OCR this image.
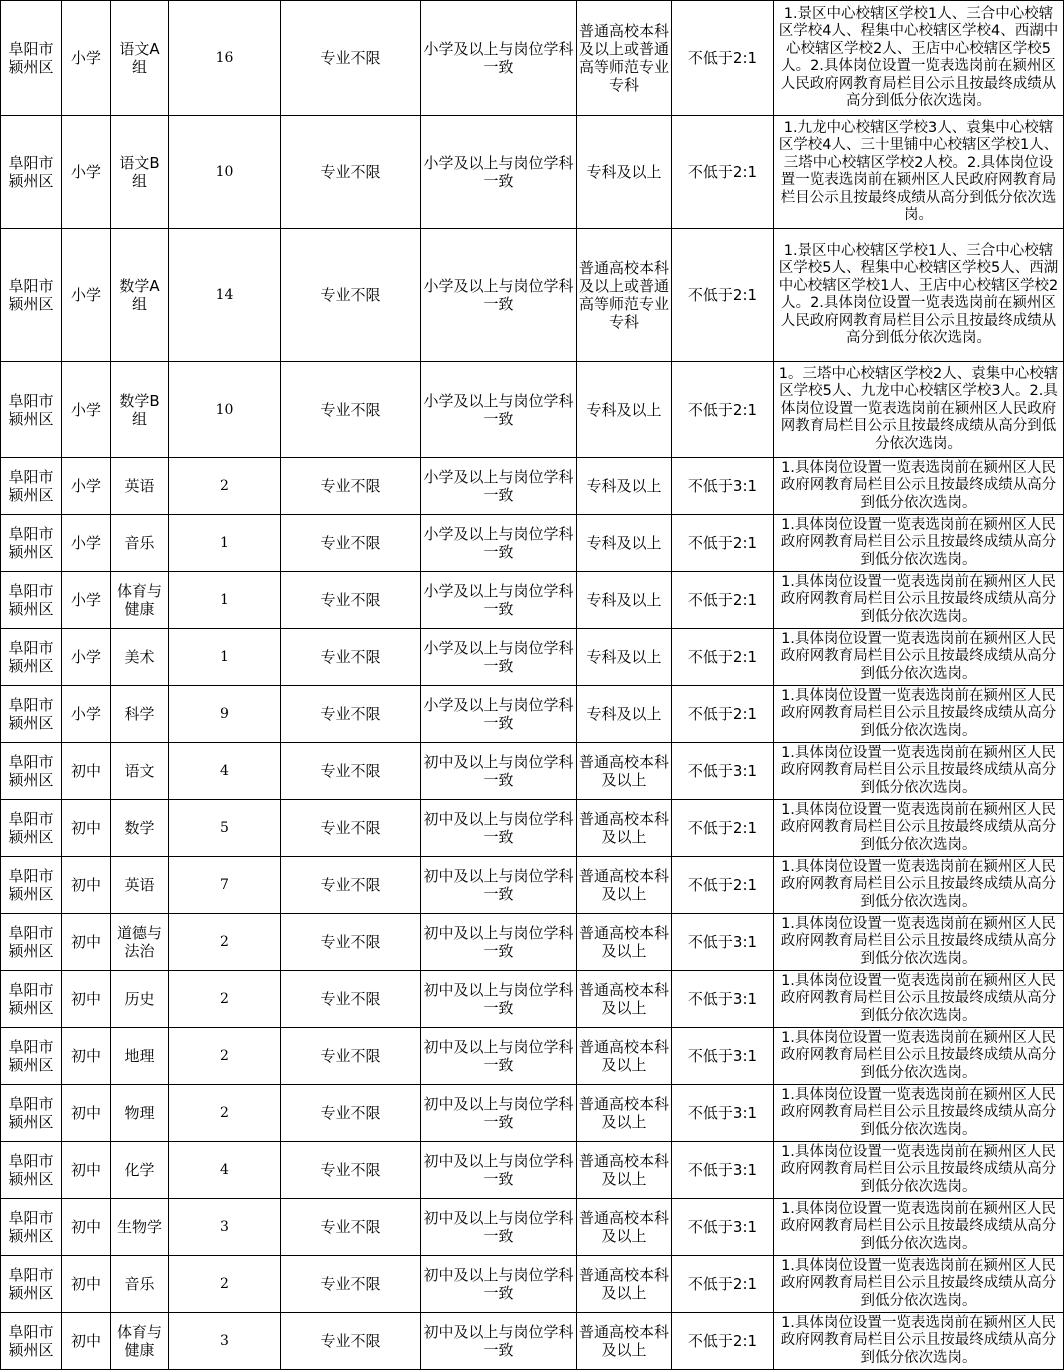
阜阳市颍州区	小学	语文A组	16	专业不限	小学及以上与岗位学科一致	普通高校本科及以上或普通高等师范专业专科	不低于2:1	1.景区中心校辖区学校1人、三合中心校辖区学校4人、程集中心校辖区学校4、西湖中心校辖区学校2人、王店中心校辖区学校5人。2.具体岗位设置一览表选岗前在颍州区人民政府网教育局栏目公示且按最终成绩从高分到低分依次选岗。
阜阳市颍州区	小学	语文B组	10	专业不限	小学及以上与岗位学科一致	专科及以上	不低于2:1	1.九龙中心校辖区学校3人、袁集中心校辖区学校4人、三十里铺中心校辖区学校1人、三塔中心校辖区学校2人校。2.具体岗位设置一览表选岗前在颍州区人民政府网教育局栏目公示且按最终成绩从高分到低分依次选岗。
阜阳市颍州区	小学	数学A组	14	专业不限	小学及以上与岗位学科一致	普通高校本科及以上或普通高等师范专业专科	不低于2:1	1.景区中心校辖区学校1人、三合中心校辖区学校5人、程集中心校辖区学校5人、西湖中心校辖区学校1人、王店中心校辖区学校2人。2.具体岗位设置一览表选岗前在颍州区人民政府网教育局栏目公示且按最终成绩从高分到低分依次选岗。
阜阳市颍州区	小学	数学B组	10	专业不限	小学及以上与岗位学科一致	专科及以上	不低于2:1	1。三塔中心校辖区学校2人、袁集中心校辖区学校5人、九龙中心校辖区学校3人。2.具体岗位设置一览表选岗前在颍州区人民政府网教育局栏目公示且按最终成绩从高分到低分依次选岗。
阜阳市颍州区	小学	英语	2	专业不限	小学及以上与岗位学科一致	专科及以上	不低于3:1	1.具体岗位设置一览表选岗前在颍州区人民政府网教育局栏目公示且按最终成绩从高分到低分依次选岗。
阜阳市颍州区	小学	音乐	1	专业不限	小学及以上与岗位学科一致	专科及以上	不低于2:1	1.具体岗位设置一览表选岗前在颍州区人民政府网教育局栏目公示且按最终成绩从高分到低分依次选岗。
阜阳市颍州区	小学	体育与健康	1	专业不限	小学及以上与岗位学科一致	专科及以上	不低于2:1	1.具体岗位设置一览表选岗前在颍州区人民政府网教育局栏目公示且按最终成绩从高分到低分依次选岗。
阜阳市颍州区	小学	美术	1	专业不限	小学及以上与岗位学科一致	专科及以上	不低于2:1	1.具体岗位设置一览表选岗前在颍州区人民政府网教育局栏目公示且按最终成绩从高分到低分依次选岗。
阜阳市颍州区	小学	科学	9	专业不限	小学及以上与岗位学科一致	专科及以上	不低于2:1	1.具体岗位设置一览表选岗前在颍州区人民政府网教育局栏目公示且按最终成绩从高分到低分依次选岗。
阜阳市颍州区	初中	语文	4	专业不限	初中及以上与岗位学科一致	普通高校本科及以上	不低于3:1	1.具体岗位设置一览表选岗前在颍州区人民政府网教育局栏目公示且按最终成绩从高分到低分依次选岗。
阜阳市颍州区	初中	数学	5	专业不限	初中及以上与岗位学科一致	普通高校本科及以上	不低于2:1	1.具体岗位设置一览表选岗前在颍州区人民政府网教育局栏目公示且按最终成绩从高分到低分依次选岗。
阜阳市颍州区	初中	英语	7	专业不限	初中及以上与岗位学科一致	普通高校本科及以上	不低于2:1	1.具体岗位设置一览表选岗前在颍州区人民政府网教育局栏目公示且按最终成绩从高分到低分依次选岗。
阜阳市颍州区	初中	道德与法治	2	专业不限	初中及以上与岗位学科一致	普通高校本科及以上	不低于3:1	1.具体岗位设置一览表选岗前在颍州区人民政府网教育局栏目公示且按最终成绩从高分到低分依次选岗。
阜阳市颍州区	初中	历史	2	专业不限	初中及以上与岗位学科一致	普通高校本科及以上	不低于3:1	1.具体岗位设置一览表选岗前在颍州区人民政府网教育局栏目公示且按最终成绩从高分到低分依次选岗。
阜阳市颍州区	初中	地理	2	专业不限	初中及以上与岗位学科一致	普通高校本科及以上	不低于3:1	1.具体岗位设置一览表选岗前在颍州区人民政府网教育局栏目公示且按最终成绩从高分到低分依次选岗。
阜阳市颍州区	初中	物理	2	专业不限	初中及以上与岗位学科一致	普通高校本科及以上	不低于3:1	1.具体岗位设置一览表选岗前在颍州区人民政府网教育局栏目公示且按最终成绩从高分到低分依次选岗。
阜阳市颍州区	初中	化学	4	专业不限	初中及以上与岗位学科一致	普通高校本科及以上	不低于3:1	1.具体岗位设置一览表选岗前在颍州区人民政府网教育局栏目公示且按最终成绩从高分到低分依次选岗。
阜阳市颍州区	初中	生物学	3	专业不限	初中及以上与岗位学科一致	普通高校本科及以上	不低于3:1	1.具体岗位设置一览表选岗前在颍州区人民政府网教育局栏目公示且按最终成绩从高分到低分依次选岗。
阜阳市颍州区	初中	音乐	2	专业不限	初中及以上与岗位学科一致	普通高校本科及以上	不低于2:1	1.具体岗位设置一览表选岗前在颍州区人民政府网教育局栏目公示且按最终成绩从高分到低分依次选岗。
阜阳市颍州区	初中	体育与健康	3	专业不限	初中及以上与岗位学科一致	普通高校本科及以上	不低于2:1	1.具体岗位设置一览表选岗前在颍州区人民政府网教育局栏目公示且按最终成绩从高分到低分依次选岗。
